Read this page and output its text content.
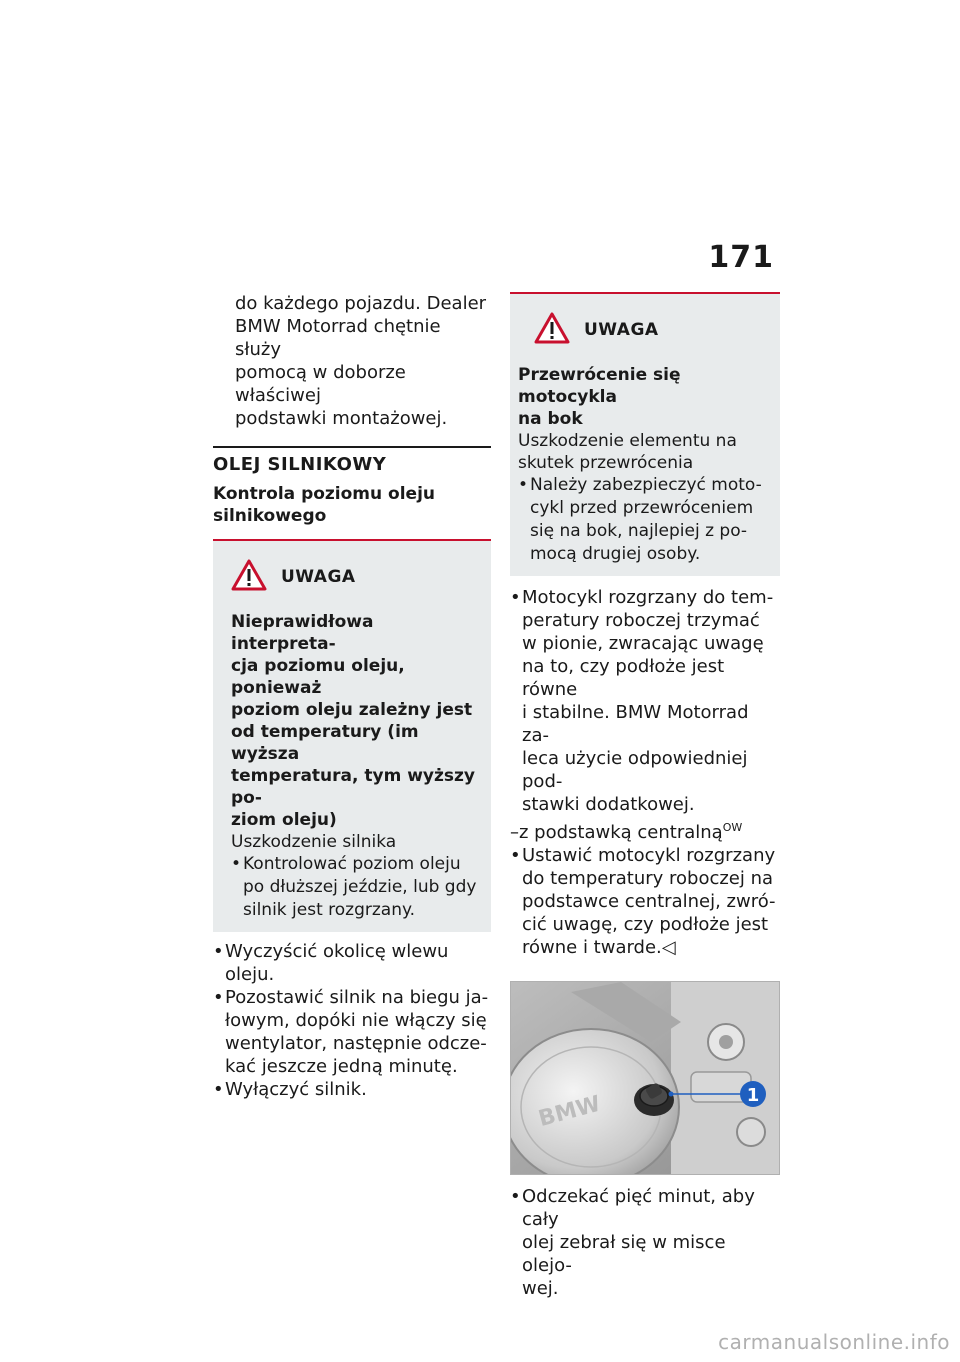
171
do każdego pojazdu. Dealer
BMW Motorrad chętnie służy
pomocą w doborze właściwej
podstawki montażowej.
OLEJ SILNIKOWY
Kontrola poziomu oleju
silnikowego
UWAGA
Nieprawidłowa interpreta-
cja poziomu oleju, ponieważ
poziom oleju zależny jest
od temperatury (im wyższa
temperatura, tym wyższy po-
ziom oleju)
Uszkodzenie silnika
• Kontrolować poziom oleju
po dłuższej jeździe, lub gdy
silnik jest rozgrzany.
• Wyczyścić okolicę wlewu
oleju.
• Pozostawić silnik na biegu ja-
łowym, dopóki nie włączy się
wentylator, następnie odcze-
kać jeszcze jedną minutę.
• Wyłączyć silnik.
UWAGA
Przewrócenie się motocykla
na bok
Uszkodzenie elementu na
skutek przewrócenia
• Należy zabezpieczyć moto-
cykl przed przewróceniem
się na bok, najlepiej z po-
mocą drugiej osoby.
• Motocykl rozgrzany do tem-
peratury roboczej trzymać
w pionie, zwracając uwagę
na to, czy podłoże jest równe
i stabilne. BMW Motorrad za-
leca użycie odpowiedniej pod-
stawki dodatkowej.
–z podstawką centralną$^{OW}$
• Ustawić motocykl rozgrzany
do temperatury roboczej na
podstawce centralnej, zwró-
cić uwagę, czy podłoże jest
równe i twarde.◁
BMW	1
• Odczekać pięć minut, aby cały
olej zebrał się w misce olejo-
wej.
carmanualsonline.info
